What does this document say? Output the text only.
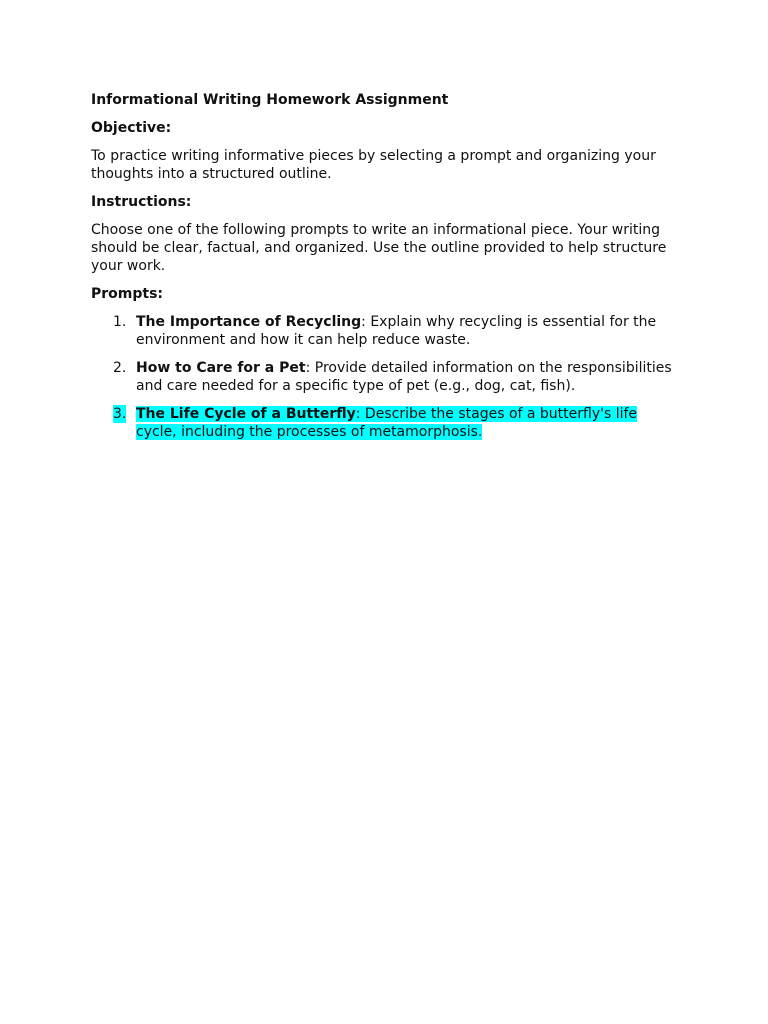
Informational Writing Homework Assignment

Objective:

To practice writing informative pieces by selecting a prompt and organizing your thoughts into a structured outline.

Instructions:

Choose one of the following prompts to write an informational piece. Your writing should be clear, factual, and organized. Use the outline provided to help structure your work.

Prompts:

1. The Importance of Recycling: Explain why recycling is essential for the environment and how it can help reduce waste.
2. How to Care for a Pet: Provide detailed information on the responsibilities and care needed for a specific type of pet (e.g., dog, cat, fish).
3. The Life Cycle of a Butterfly: Describe the stages of a butterfly's life cycle, including the processes of metamorphosis.
